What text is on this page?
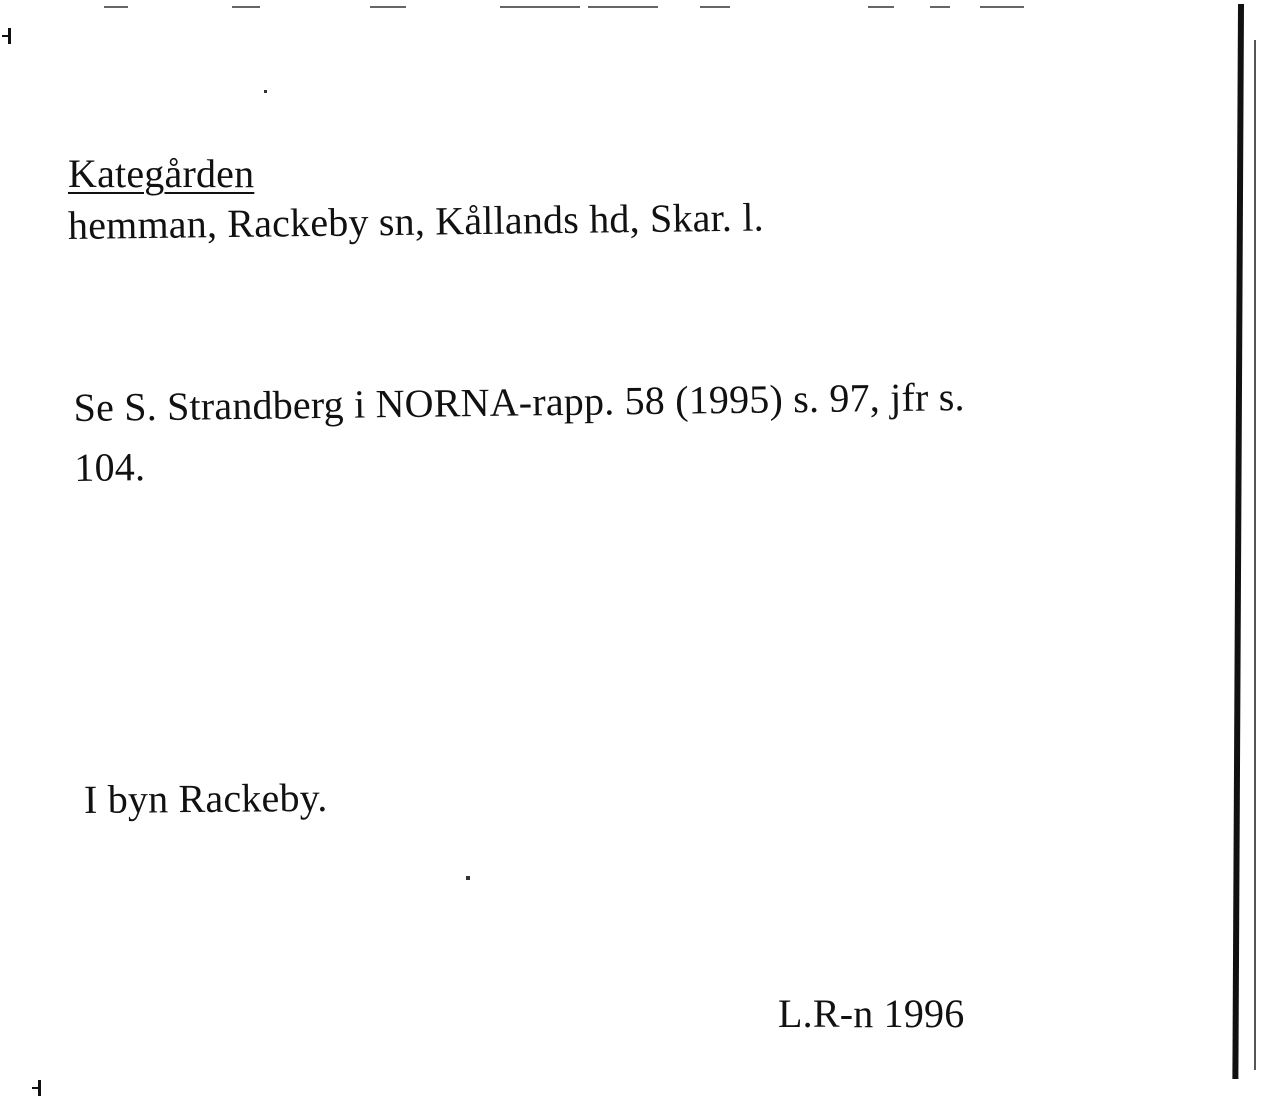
Kategården
hemman, Rackeby sn, Kållands hd, Skar. l.
Se S. Strandberg i NORNA-rapp. 58 (1995) s. 97, jfr s.
104.
I byn Rackeby.
L.R-n 1996
